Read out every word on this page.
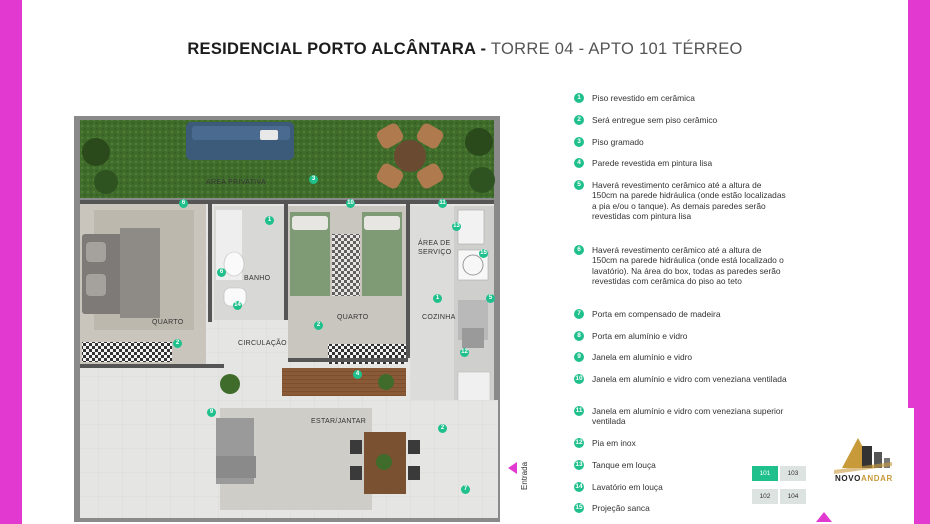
RESIDENCIAL PORTO ALCÂNTARA - TORRE 04 - APTO 101 TÉRREO
AREA PRIVATIVA
QUARTO
BANHO
CIRCULAÇÃO
QUARTO
ÁREA DE
SERVIÇO
COZINHA
ESTAR/JANTAR
3
6
1
10	11
13
15
5
6
14
2
2
1
12
4
9
2
7	Entrada
1	Piso revestido em cerâmica
2	Será entregue sem piso cerâmico
3	Piso gramado
4	Parede revestida em pintura lisa
5	Haverá revestimento cerâmico até a altura de 150cm na parede hidráulica (onde estão localizadas a pia e/ou o tanque). As demais paredes serão revestidas com pintura lisa
6	Haverá revestimento cerâmico até a altura de 150cm na parede hidráulica (onde está localizado o lavatório). Na área do box, todas as paredes serão revestidas com cerâmica do piso ao teto
7	Porta em compensado de madeira
8	Porta em alumínio e vidro
9	Janela em alumínio e vidro
10 Janela em alumínio e vidro com veneziana ventilada
11 Janela em alumínio e vidro com veneziana superior ventilada
12 Pia em inox
13 Tanque em louça
14 Lavatório em louça
15 Projeção sanca
101	103
102	104
NOVOANDAR
